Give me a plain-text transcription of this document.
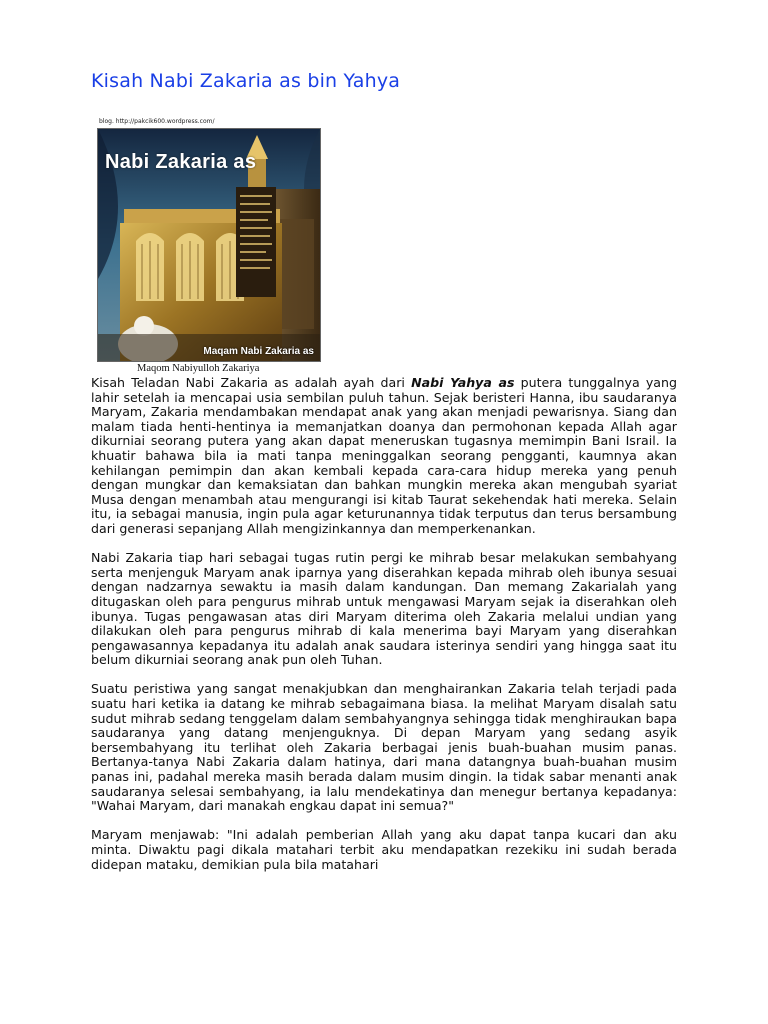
Kisah Nabi Zakaria as bin Yahya
blog. http://pakcik600.wordpress.com/
Nabi Zakaria as
Maqam Nabi Zakaria as

Maqom Nabiyulloh Zakariya

Kisah Teladan Nabi Zakaria as adalah ayah dari Nabi Yahya as putera tunggalnya yang lahir setelah ia mencapai usia sembilan puluh tahun. Sejak beristeri Hanna, ibu saudaranya Maryam, Zakaria mendambakan mendapat anak yang akan menjadi pewarisnya. Siang dan malam tiada henti-hentinya ia memanjatkan doanya dan permohonan kepada Allah agar dikurniai seorang putera yang akan dapat meneruskan tugasnya memimpin Bani Israil. Ia khuatir bahawa bila ia mati tanpa meninggalkan seorang pengganti, kaumnya akan kehilangan pemimpin dan akan kembali kepada cara-cara hidup mereka yang penuh dengan mungkar dan kemaksiatan dan bahkan mungkin mereka akan mengubah syariat Musa dengan menambah atau mengurangi isi kitab Taurat sekehendak hati mereka. Selain itu, ia sebagai manusia, ingin pula agar keturunannya tidak terputus dan terus bersambung dari generasi sepanjang Allah mengizinkannya dan memperkenankan.

Nabi Zakaria tiap hari sebagai tugas rutin pergi ke mihrab besar melakukan sembahyang serta menjenguk Maryam anak iparnya yang diserahkan kepada mihrab oleh ibunya sesuai dengan nadzarnya sewaktu ia masih dalam kandungan. Dan memang Zakarialah yang ditugaskan oleh para pengurus mihrab untuk mengawasi Maryam sejak ia diserahkan oleh ibunya. Tugas pengawasan atas diri Maryam diterima oleh Zakaria melalui undian yang dilakukan oleh para pengurus mihrab di kala menerima bayi Maryam yang diserahkan pengawasannya kepadanya itu adalah anak saudara isterinya sendiri yang hingga saat itu belum dikurniai seorang anak pun oleh Tuhan.

Suatu peristiwa yang sangat menakjubkan dan menghairankan Zakaria telah terjadi pada suatu hari ketika ia datang ke mihrab sebagaimana biasa. Ia melihat Maryam disalah satu sudut mihrab sedang tenggelam dalam sembahyangnya sehingga tidak menghiraukan bapa saudaranya yang datang menjenguknya. Di depan Maryam yang sedang asyik bersembahyang itu terlihat oleh Zakaria berbagai jenis buah-buahan musim panas. Bertanya-tanya Nabi Zakaria dalam hatinya, dari mana datangnya buah-buahan musim panas ini, padahal mereka masih berada dalam musim dingin. Ia tidak sabar menanti anak saudaranya selesai sembahyang, ia lalu mendekatinya dan menegur bertanya kepadanya: "Wahai Maryam, dari manakah engkau dapat ini semua?"

Maryam menjawab: "Ini adalah pemberian Allah yang aku dapat tanpa kucari dan aku minta. Diwaktu pagi dikala matahari terbit aku mendapatkan rezekiku ini sudah berada didepan mataku, demikian pula bila matahari
